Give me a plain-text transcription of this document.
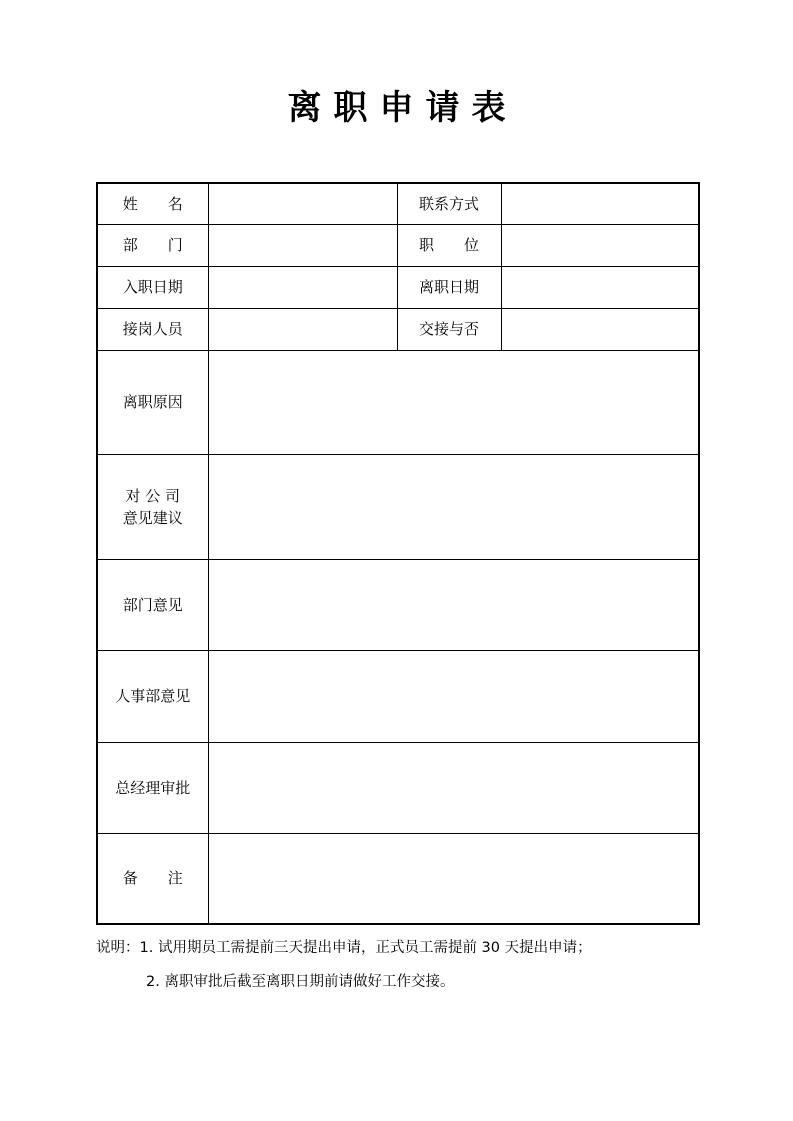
离职申请表
姓　　名		联系方式	
部　　门		职　　位	
入职日期		离职日期	
接岗人员		交接与否	
离职原因			

对 公 司
意见建议			

部门意见			
人事部意见			
总经理审批			
备　　注			
说明：1. 试用期员工需提前三天提出申请，正式员工需提前 30 天提出申请；
2. 离职审批后截至离职日期前请做好工作交接。
